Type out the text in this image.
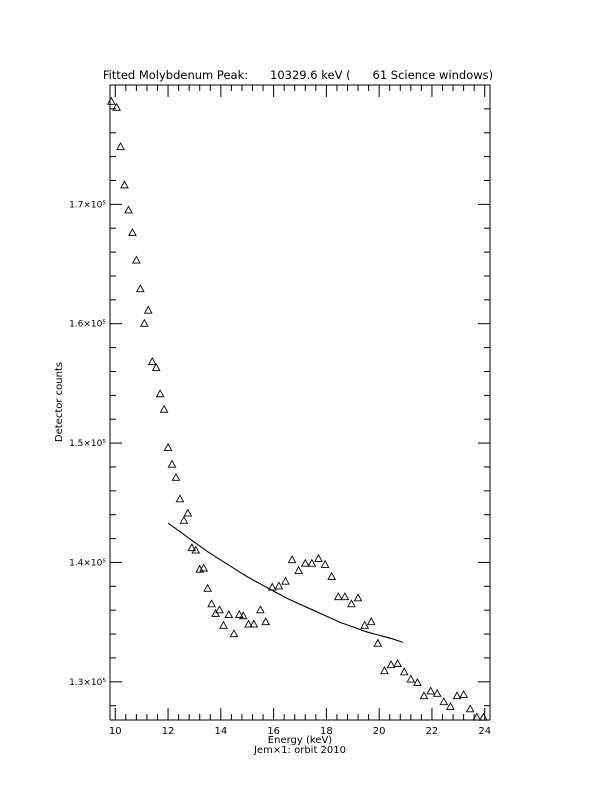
Fitted Molybdenum Peak:      10329.6 keV (      61 Science windows)
10	12	14	16	18	20	22	24
1.3×10⁵
1.4×10⁵
1.5×10⁵
1.6×10⁵
1.7×10⁵
Energy (keV)
Jem×1: orbit 2010
Detector counts
